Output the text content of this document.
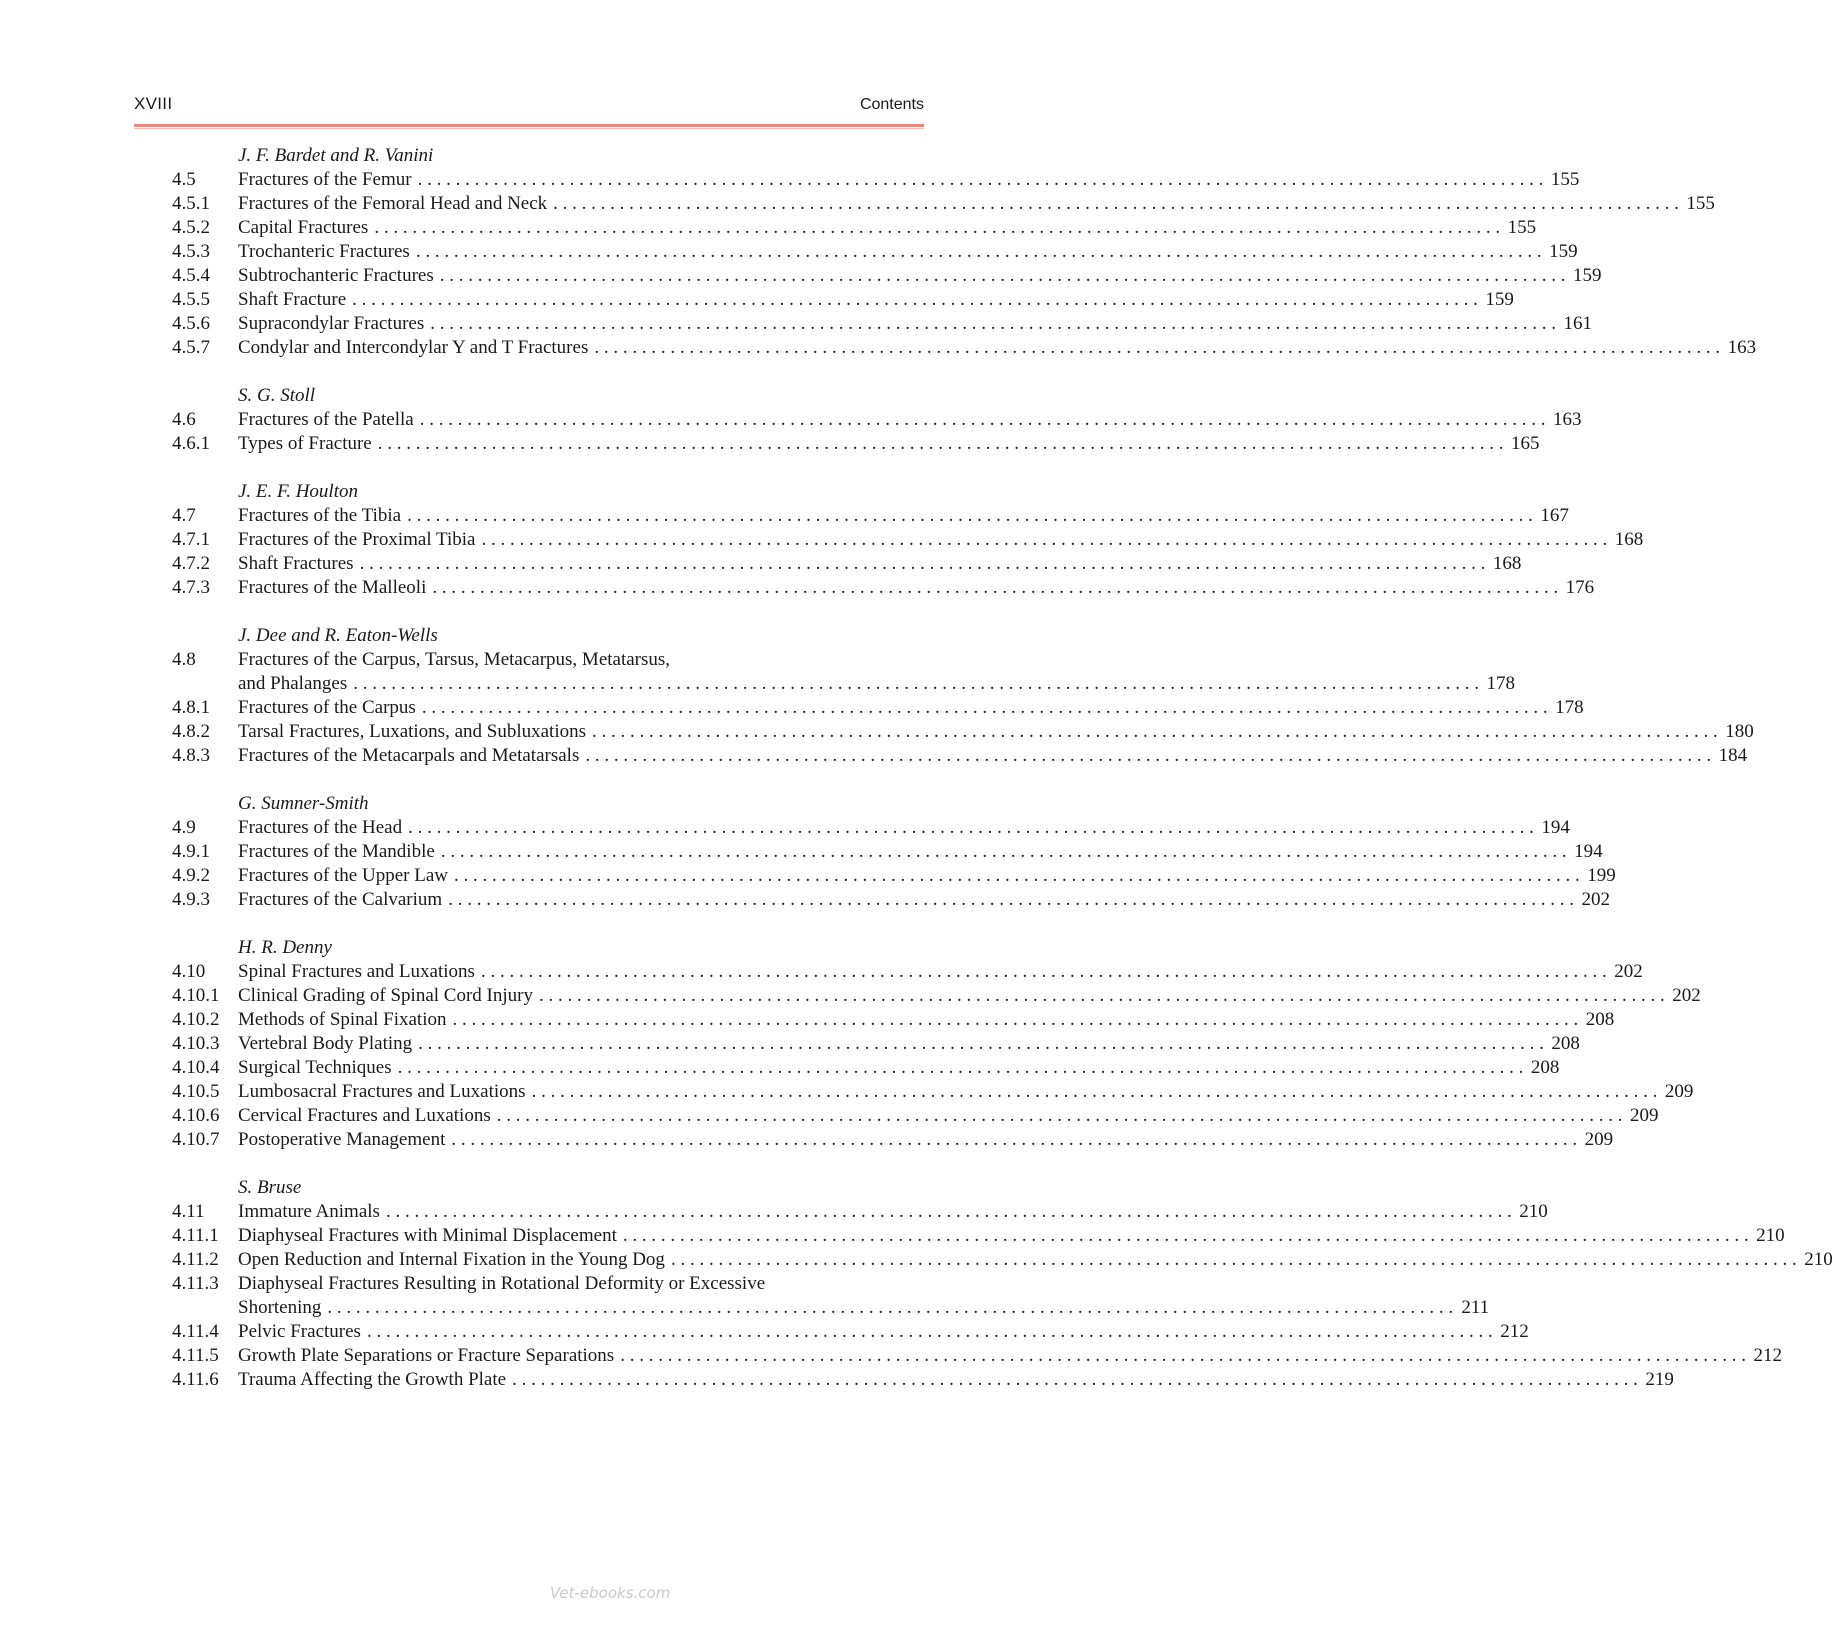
XVIII	Contents
J. F. Bardet and R. Vanini
4.5	Fractures of the Femur . . .	155
4.5.1	Fractures of the Femoral Head and Neck . . .	155
4.5.2	Capital Fractures . . .	155
4.5.3	Trochanteric Fractures . . .	159
4.5.4	Subtrochanteric Fractures . . .	159
4.5.5	Shaft Fracture . . .	159
4.5.6	Supracondylar Fractures . . .	161
4.5.7	Condylar and Intercondylar Y and T Fractures . . .	163
S. G. Stoll
4.6	Fractures of the Patella . . .	163
4.6.1	Types of Fracture . . .	165
J. E. F. Houlton
4.7	Fractures of the Tibia . . .	167
4.7.1	Fractures of the Proximal Tibia . . .	168
4.7.2	Shaft Fractures . . .	168
4.7.3	Fractures of the Malleoli . . .	176
J. Dee and R. Eaton-Wells
4.8	Fractures of the Carpus, Tarsus, Metacarpus, Metatarsus,
and Phalanges . . .	178
4.8.1	Fractures of the Carpus . . .	178
4.8.2	Tarsal Fractures, Luxations, and Subluxations . . .	180
4.8.3	Fractures of the Metacarpals and Metatarsals . . .	184
G. Sumner-Smith
4.9	Fractures of the Head . . .	194
4.9.1	Fractures of the Mandible . . .	194
4.9.2	Fractures of the Upper Law . . .	199
4.9.3	Fractures of the Calvarium . . .	202
H. R. Denny
4.10	Spinal Fractures and Luxations . . .	202
4.10.1 Clinical Grading of Spinal Cord Injury . . .	202
4.10.2 Methods of Spinal Fixation . . .	208
4.10.3 Vertebral Body Plating . . .	208
4.10.4 Surgical Techniques . . .	208
4.10.5 Lumbosacral Fractures and Luxations . . .	209
4.10.6 Cervical Fractures and Luxations . . .	209
4.10.7 Postoperative Management . . .	209
S. Bruse
4.11	Immature Animals . . .	210
4.11.1	Diaphyseal Fractures with Minimal Displacement . . .	210
4.11.2	Open Reduction and Internal Fixation in the Young Dog . . .	210
4.11.3	Diaphyseal Fractures Resulting in Rotational Deformity or Excessive
Shortening . . .	211
4.11.4	Pelvic Fractures . . .	212
4.11.5	Growth Plate Separations or Fracture Separations . . .	212
4.11.6	Trauma Affecting the Growth Plate . . .	219
Vet-ebooks.com
